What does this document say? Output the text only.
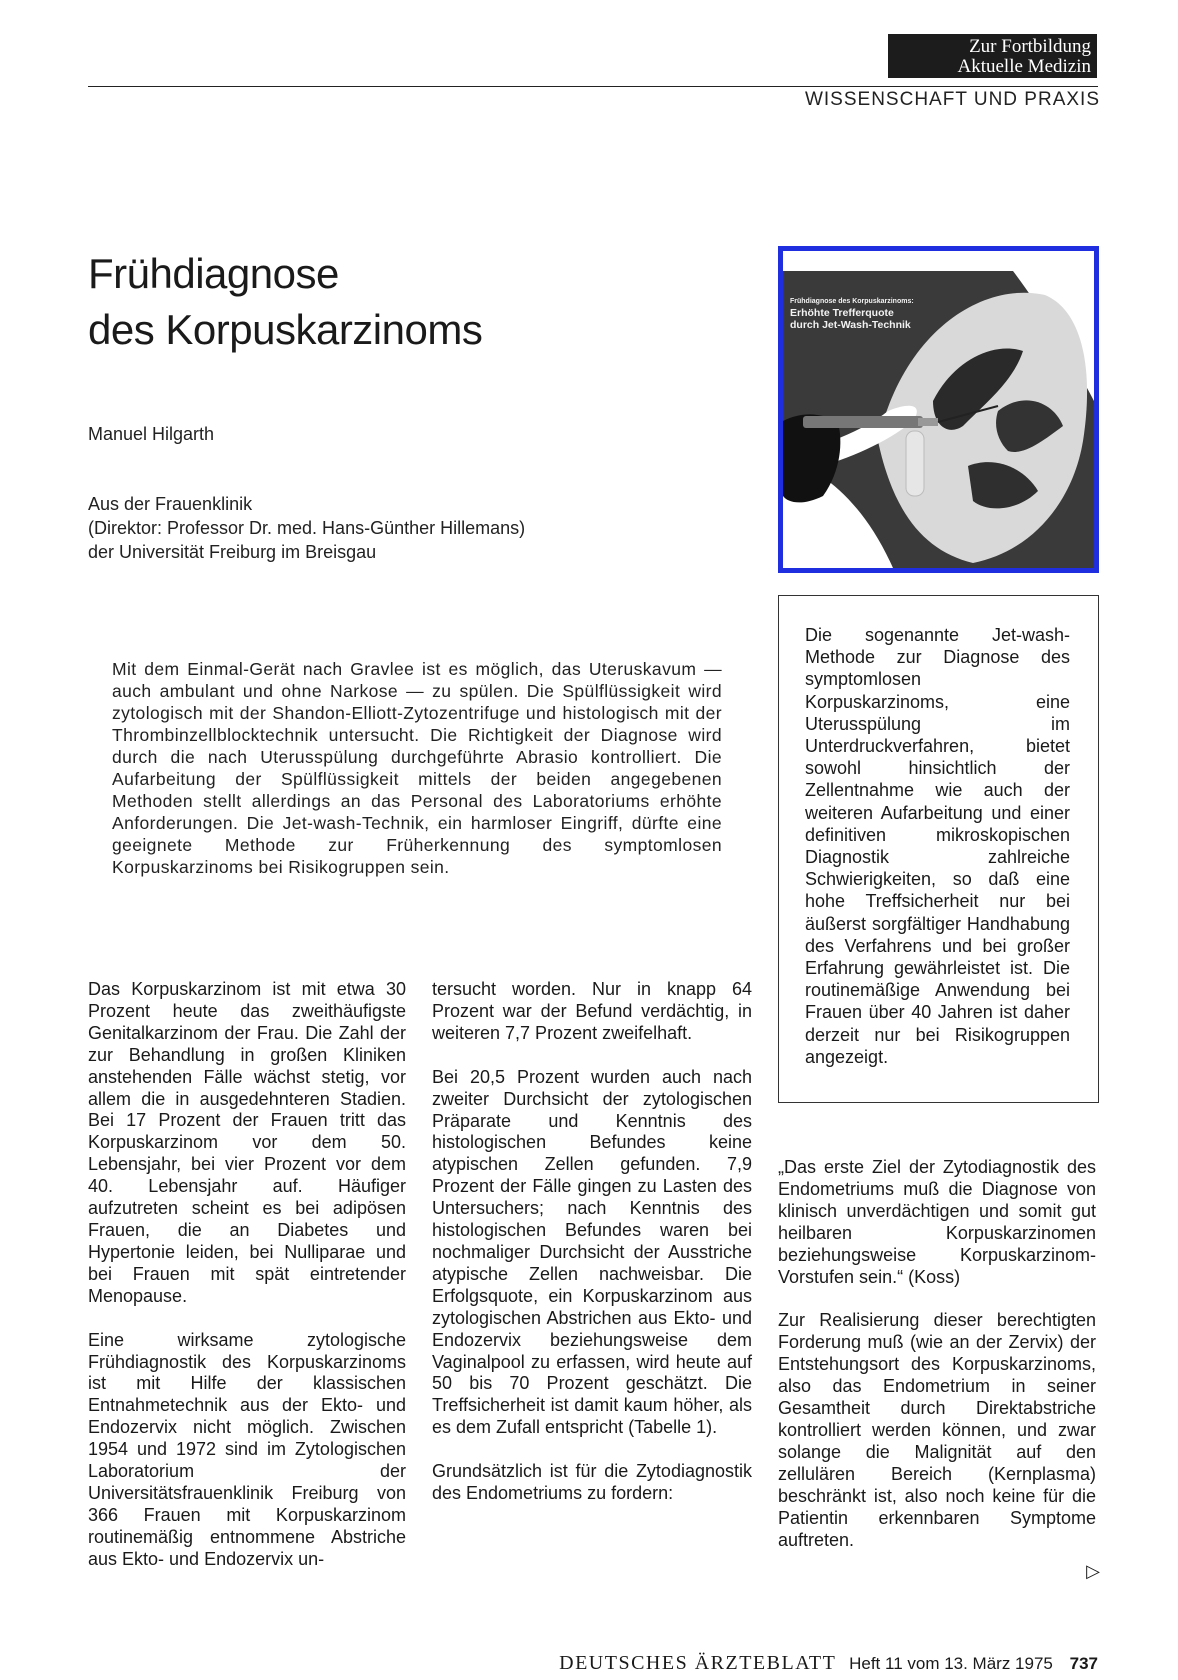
Zur Fortbildung
Aktuelle Medizin
WISSENSCHAFT UND PRAXIS
Frühdiagnose
des Korpuskarzinoms
Manuel Hilgarth
Aus der Frauenklinik
(Direktor: Professor Dr. med. Hans-Günther Hillemans)
der Universität Freiburg im Breisgau
Frühdiagnose des Korpuskarzinoms:
Erhöhte Trefferquote
durch Jet-Wash-Technik
Mit dem Einmal-Gerät nach Gravlee ist es möglich, das Uteruskavum — auch ambulant und ohne Narkose — zu spülen. Die Spülflüssigkeit wird zytologisch mit der Shandon-Elliott-Zytozentrifuge und histologisch mit der Thrombinzellblocktechnik untersucht. Die Richtigkeit der Diagnose wird durch die nach Uterusspülung durchgeführte Abrasio kontrolliert. Die Aufarbeitung der Spülflüssigkeit mittels der beiden angegebenen Methoden stellt allerdings an das Personal des Laboratoriums erhöhte Anforderungen. Die Jet-wash-Technik, ein harmloser Eingriff, dürfte eine geeignete Methode zur Früherkennung des symptomlosen Korpuskarzinoms bei Risikogruppen sein.
Die sogenannte Jet-wash-Methode zur Diagnose des symptomlosen Korpuskarzinoms, eine Uterusspülung im Unterdruckverfahren, bietet sowohl hinsichtlich der Zellentnahme wie auch der weiteren Aufarbeitung und einer definitiven mikroskopischen Diagnostik zahlreiche Schwierigkeiten, so daß eine hohe Treffsicherheit nur bei äußerst sorgfältiger Handhabung des Verfahrens und bei großer Erfahrung gewährleistet ist. Die routinemäßige Anwendung bei Frauen über 40 Jahren ist daher derzeit nur bei Risikogruppen angezeigt.

Das Korpuskarzinom ist mit etwa 30 Prozent heute das zweithäufigste Genitalkarzinom der Frau. Die Zahl der zur Behandlung in großen Kliniken anstehenden Fälle wächst stetig, vor allem die in ausgedehnteren Stadien. Bei 17 Prozent der Frauen tritt das Korpuskarzinom vor dem 50. Lebensjahr, bei vier Prozent vor dem 40. Lebensjahr auf. Häufiger aufzutreten scheint es bei adipösen Frauen, die an Diabetes und Hypertonie leiden, bei Nulliparae und bei Frauen mit spät eintretender Menopause.

Eine wirksame zytologische Frühdiagnostik des Korpuskarzinoms ist mit Hilfe der klassischen Entnahmetechnik aus der Ekto- und Endozervix nicht möglich. Zwischen 1954 und 1972 sind im Zytologischen Laboratorium der Universitätsfrauenklinik Freiburg von 366 Frauen mit Korpuskarzinom routinemäßig entnommene Abstriche aus Ekto- und Endozervix un-

tersucht worden. Nur in knapp 64 Prozent war der Befund verdächtig, in weiteren 7,7 Prozent zweifelhaft.

Bei 20,5 Prozent wurden auch nach zweiter Durchsicht der zytologischen Präparate und Kenntnis des histologischen Befundes keine atypischen Zellen gefunden. 7,9 Prozent der Fälle gingen zu Lasten des Untersuchers; nach Kenntnis des histologischen Befundes waren bei nochmaliger Durchsicht der Ausstriche atypische Zellen nachweisbar. Die Erfolgsquote, ein Korpuskarzinom aus zytologischen Abstrichen aus Ekto- und Endozervix beziehungsweise dem Vaginalpool zu erfassen, wird heute auf 50 bis 70 Prozent geschätzt. Die Treffsicherheit ist damit kaum höher, als es dem Zufall entspricht (Tabelle 1).

Grundsätzlich ist für die Zytodiagnostik des Endometriums zu fordern:

„Das erste Ziel der Zytodiagnostik des Endometriums muß die Diagnose von klinisch unverdächtigen und somit gut heilbaren Korpuskarzinomen beziehungsweise Korpuskarzinom-Vorstufen sein.“ (Koss)

Zur Realisierung dieser berechtigten Forderung muß (wie an der Zervix) der Entstehungsort des Korpuskarzinoms, also das Endometrium in seiner Gesamtheit durch Direktabstriche kontrolliert werden können, und zwar solange die Malignität auf den zellulären Bereich (Kernplasma) beschränkt ist, also noch keine für die Patientin erkennbaren Symptome auftreten.

▷
DEUTSCHES ÄRZTEBLATT Heft 11 vom 13. März 1975 737
